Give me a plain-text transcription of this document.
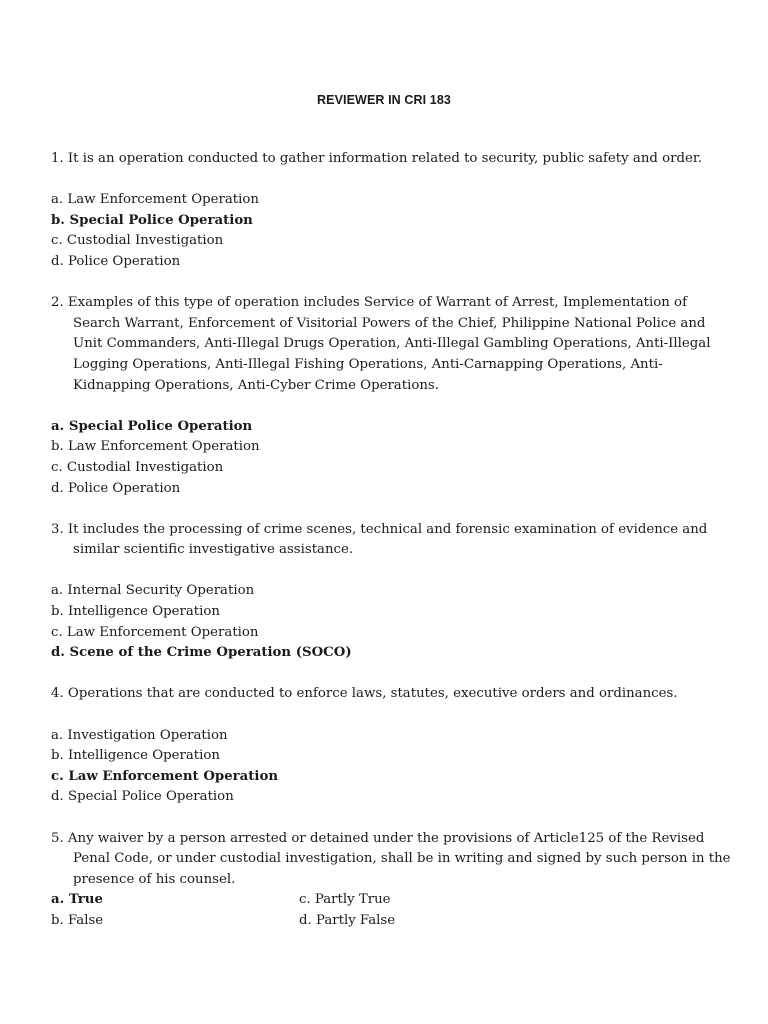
REVIEWER IN CRI 183
1. It is an operation conducted to gather information related to security, public safety and order.
a. Law Enforcement Operation
b. Special Police Operation
c. Custodial Investigation
d. Police Operation
2. Examples of this type of operation includes Service of Warrant of Arrest, Implementation of Search Warrant, Enforcement of Visitorial Powers of the Chief, Philippine National Police and Unit Commanders, Anti-Illegal Drugs Operation, Anti-Illegal Gambling Operations, Anti-Illegal Logging Operations, Anti-Illegal Fishing Operations, Anti-Carnapping Operations, Anti-Kidnapping Operations, Anti-Cyber Crime Operations.
a. Special Police Operation
b. Law Enforcement Operation
c. Custodial Investigation
d. Police Operation
3. It includes the processing of crime scenes, technical and forensic examination of evidence and similar scientific investigative assistance.
a. Internal Security Operation
b. Intelligence Operation
c. Law Enforcement Operation
d. Scene of the Crime Operation (SOCO)
4. Operations that are conducted to enforce laws, statutes, executive orders and ordinances.
a. Investigation Operation
b. Intelligence Operation
c. Law Enforcement Operation
d. Special Police Operation
5. Any waiver by a person arrested or detained under the provisions of Article125 of the Revised Penal Code, or under custodial investigation, shall be in writing and signed by such person in the presence of his counsel.
a. True	c. Partly True
b. False	d. Partly False
